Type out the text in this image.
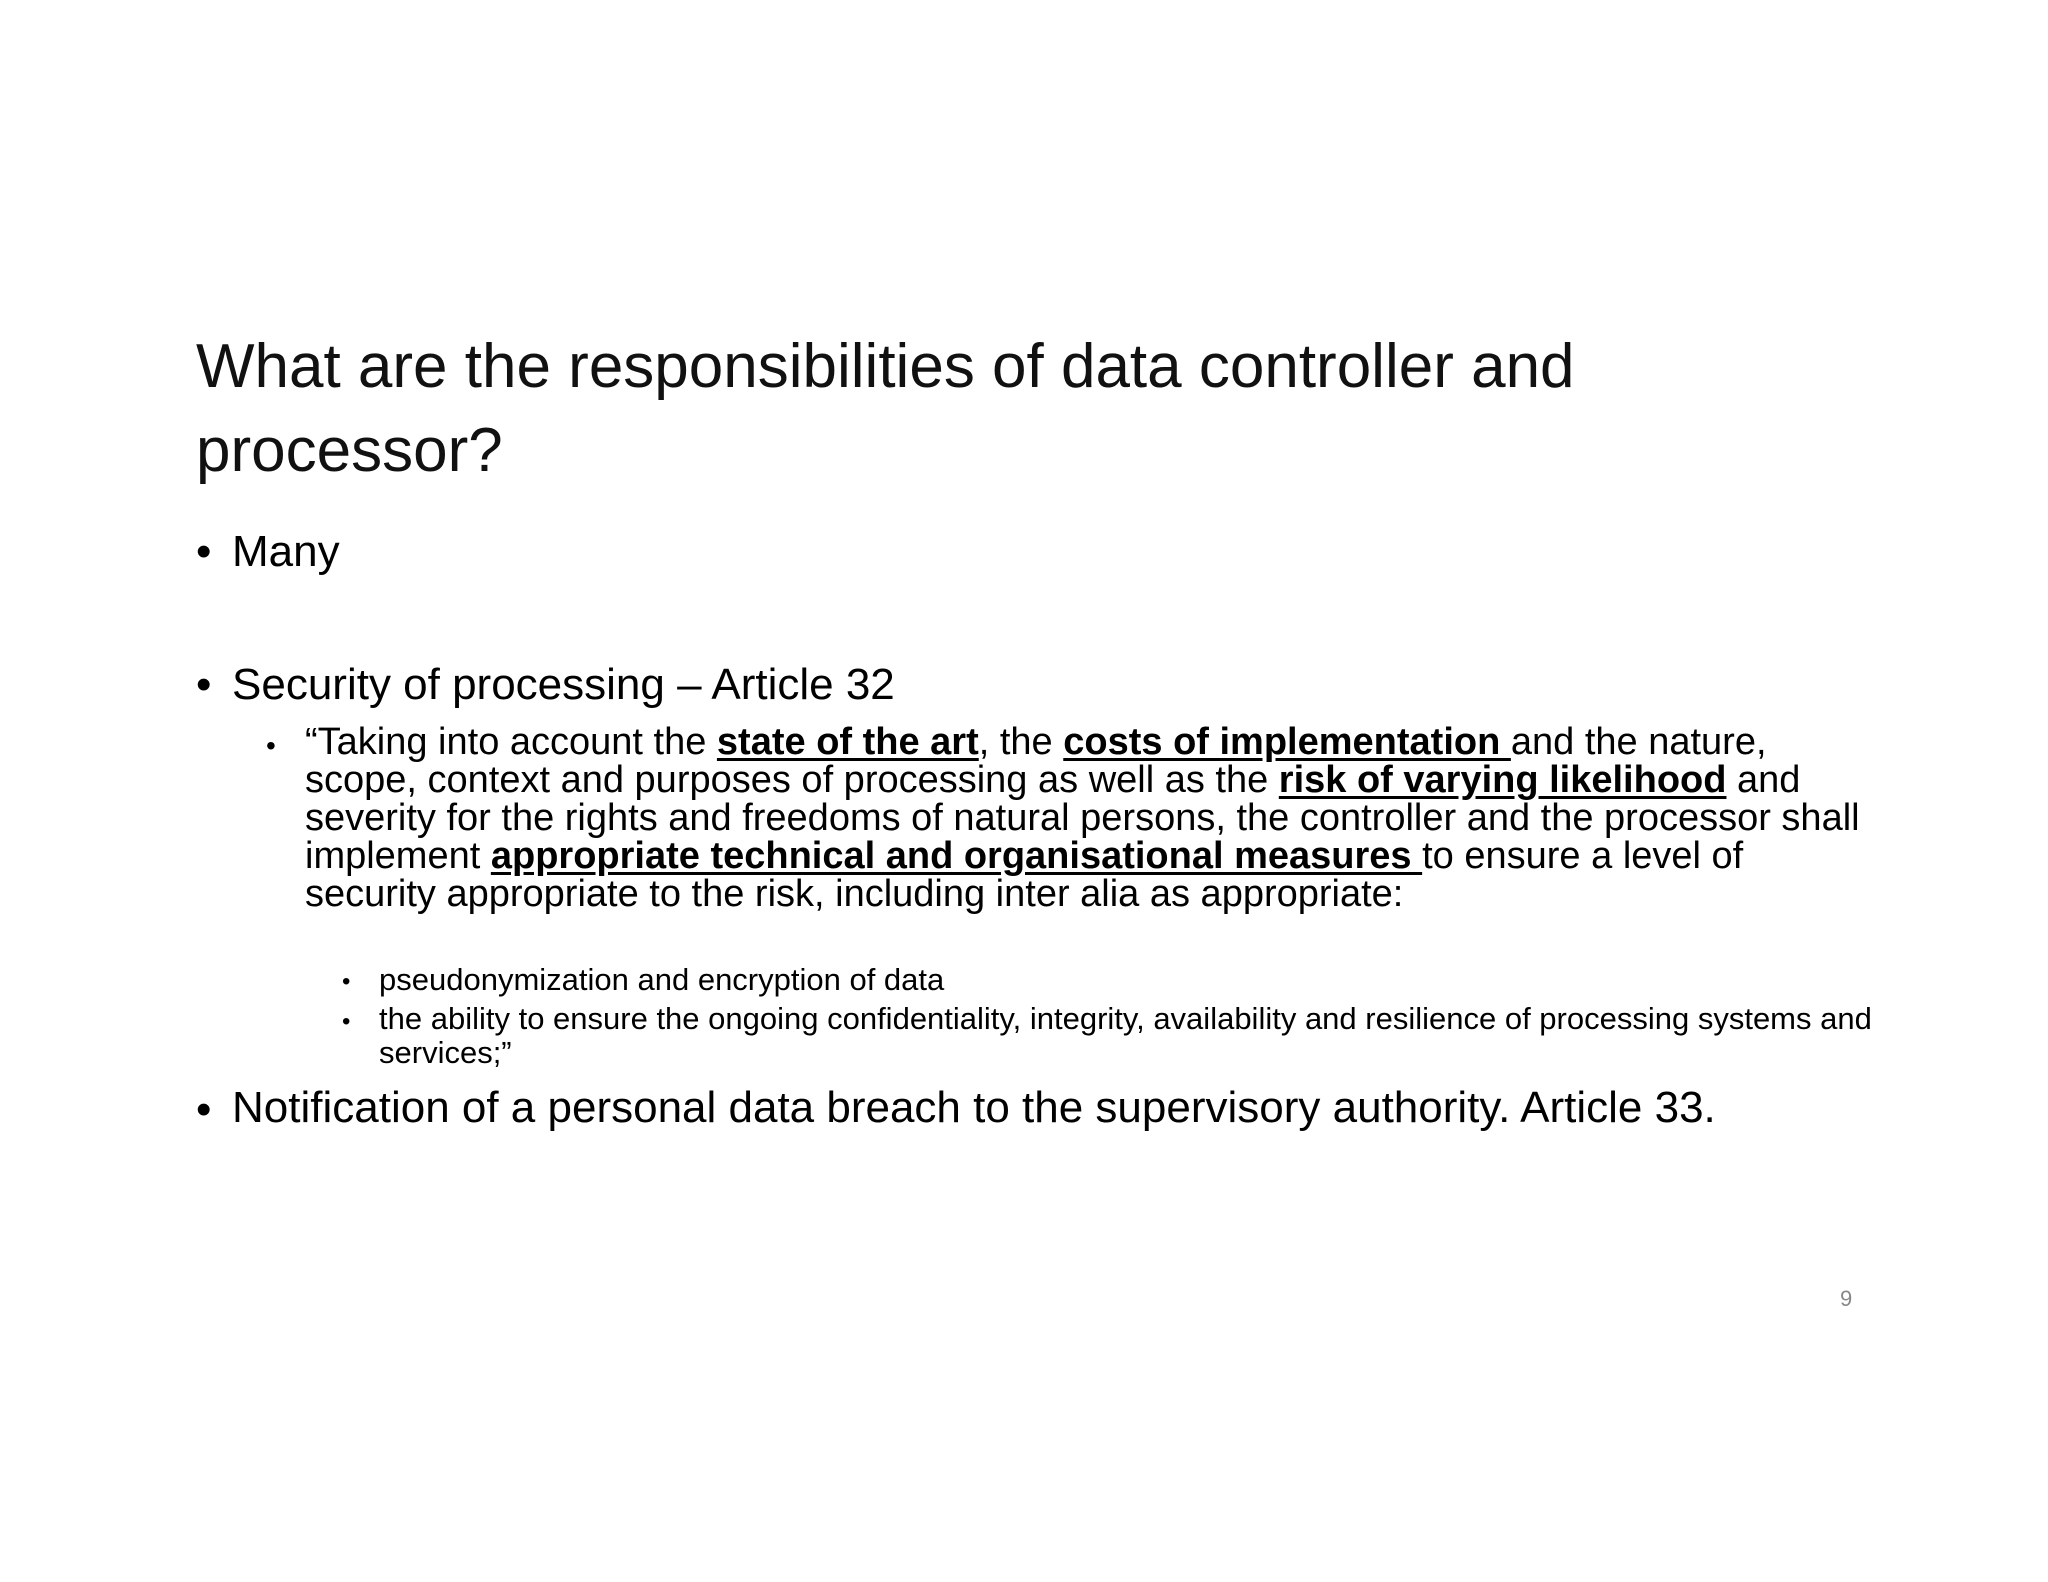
What are the responsibilities of data controller and processor?
• Many
• Security of processing – Article 32
• “Taking into account the state of the art, the costs of implementation and the nature, scope, context and purposes of processing as well as the risk of varying likelihood and severity for the rights and freedoms of natural persons, the controller and the processor shall implement appropriate technical and organisational measures to ensure a level of security appropriate to the risk, including inter alia as appropriate:
• pseudonymization and encryption of data
• the ability to ensure the ongoing confidentiality, integrity, availability and resilience of processing systems and services;”
• Notification of a personal data breach to the supervisory authority. Article 33.
9
